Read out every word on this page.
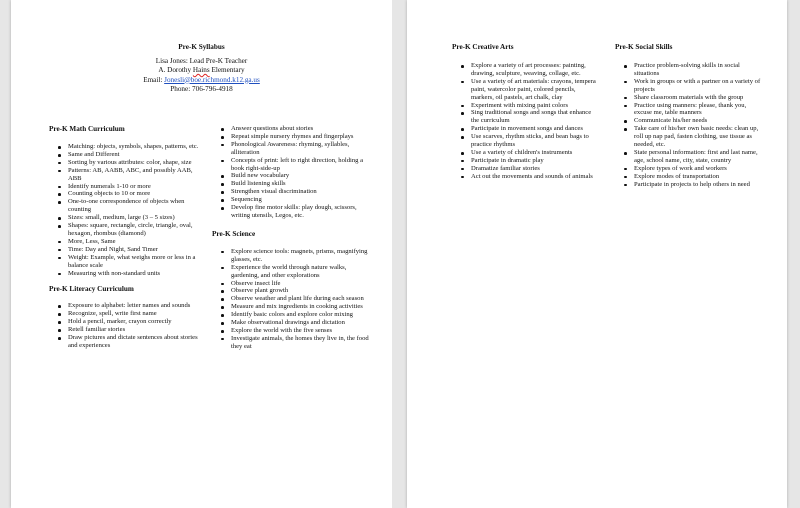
Pre-K Syllabus
Lisa Jones: Lead Pre-K Teacher
A. Dorothy Hains Elementary
Email: Jonesli@boe.richmond.k12.ga.us
Phone: 706-796-4918
Pre-K Math Curriculum
Matching: objects, symbols, shapes, patterns, etc.
Same and Different
Sorting by various attributes: color, shape, size
Patterns: AB, AABB, ABC, and possibly AAB, ABB
Identify numerals 1-10 or more
Counting objects to 10 or more
One-to-one correspondence of objects when counting
Sizes: small, medium, large (3 – 5 sizes)
Shapes: square, rectangle, circle, triangle, oval, hexagon, rhombus (diamond)
More, Less, Same
Time: Day and Night, Sand Timer
Weight: Example, what weighs more or less in a balance scale
Measuring with non-standard units
Pre-K Literacy Curriculum
Exposure to alphabet: letter names and sounds
Recognize, spell, write first name
Hold a pencil, marker, crayon correctly
Retell familiar stories
Draw pictures and dictate sentences about stories and experiences
Answer questions about stories
Repeat simple nursery rhymes and fingerplays
Phonological Awareness: rhyming, syllables, alliteration
Concepts of print: left to right direction, holding a book right-side-up
Build new vocabulary
Build listening skills
Strengthen visual discrimination
Sequencing
Develop fine motor skills: play dough, scissors, writing utensils, Legos, etc.
Pre-K Science
Explore science tools: magnets, prisms, magnifying glasses, etc.
Experience the world through nature walks, gardening, and other explorations
Observe insect life
Observe plant growth
Observe weather and plant life during each season
Measure and mix ingredients in cooking activities
Identify basic colors and explore color mixing
Make observational drawings and dictation
Explore the world with the five senses
Investigate animals, the homes they live in, the food they eat
Pre-K Creative Arts
Explore a variety of art processes: painting, drawing, sculpture, weaving, collage, etc.
Use a variety of art materials: crayons, tempera paint, watercolor paint, colored pencils, markers, oil pastels, art chalk, clay
Experiment with mixing paint colors
Sing traditional songs and songs that enhance the curriculum
Participate in movement songs and dances
Use scarves, rhythm sticks, and bean bags to practice rhythms
Use a variety of children's instruments
Participate in dramatic play
Dramatize familiar stories
Act out the movements and sounds of animals
Pre-K Social Skills
Practice problem-solving skills in social situations
Work in groups or with a partner on a variety of projects
Share classroom materials with the group
Practice using manners: please, thank you, excuse me, table manners
Communicate his/her needs
Take care of his/her own basic needs: clean up, roll up nap pad, fasten clothing, use tissue as needed, etc.
State personal information: first and last name, age, school name, city, state, country
Explore types of work and workers
Explore modes of transportation
Participate in projects to help others in need
